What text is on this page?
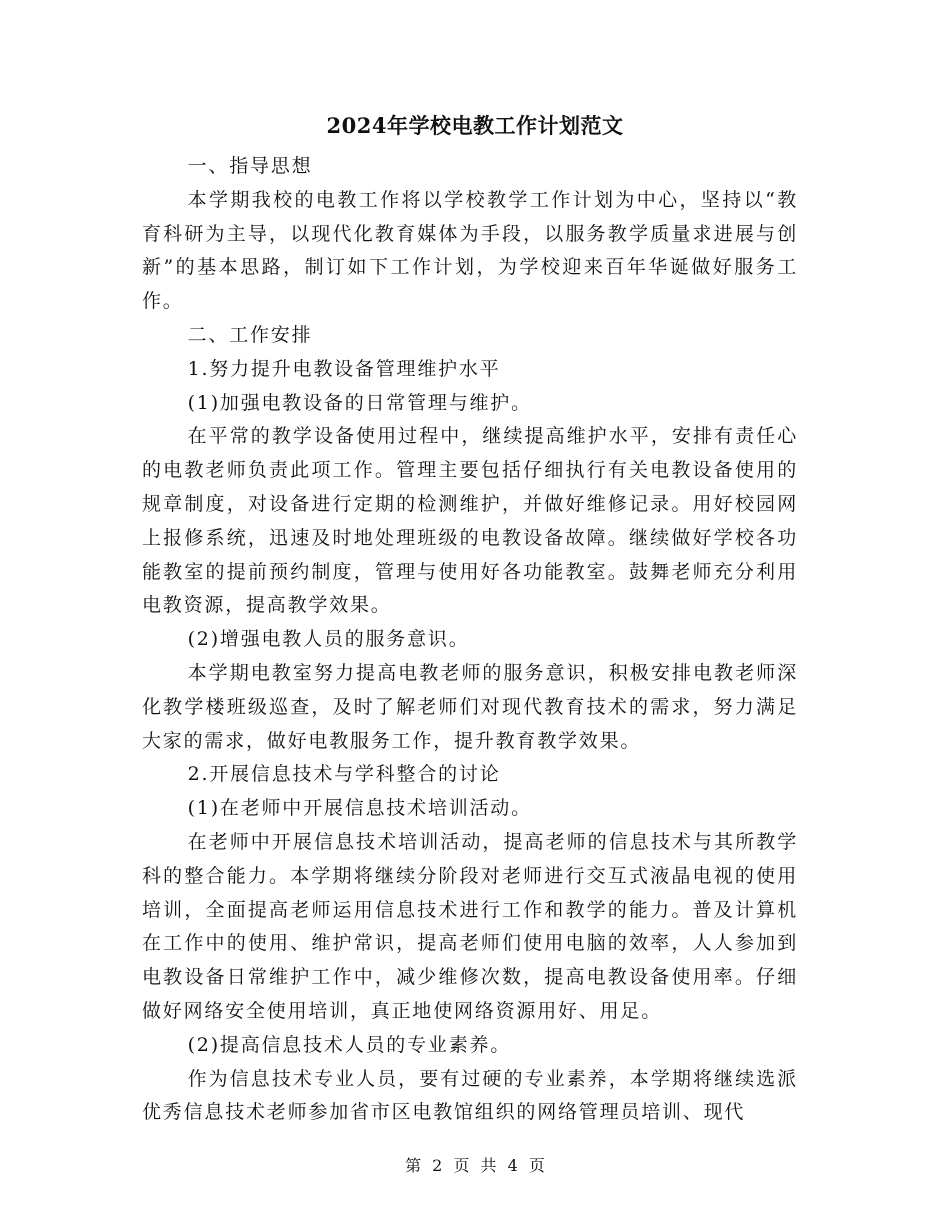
2024年学校电教工作计划范文

一、指导思想

本学期我校的电教工作将以学校教学工作计划为中心，坚持以“教育科研为主导，以现代化教育媒体为手段，以服务教学质量求进展与创新”的基本思路，制订如下工作计划，为学校迎来百年华诞做好服务工作。

二、工作安排

1.努力提升电教设备管理维护水平

(1)加强电教设备的日常管理与维护。

在平常的教学设备使用过程中，继续提高维护水平，安排有责任心的电教老师负责此项工作。管理主要包括仔细执行有关电教设备使用的规章制度，对设备进行定期的检测维护，并做好维修记录。用好校园网上报修系统，迅速及时地处理班级的电教设备故障。继续做好学校各功能教室的提前预约制度，管理与使用好各功能教室。鼓舞老师充分利用电教资源，提高教学效果。

(2)增强电教人员的服务意识。

本学期电教室努力提高电教老师的服务意识，积极安排电教老师深化教学楼班级巡查，及时了解老师们对现代教育技术的需求，努力满足大家的需求，做好电教服务工作，提升教育教学效果。

2.开展信息技术与学科整合的讨论

(1)在老师中开展信息技术培训活动。

在老师中开展信息技术培训活动，提高老师的信息技术与其所教学科的整合能力。本学期将继续分阶段对老师进行交互式液晶电视的使用培训，全面提高老师运用信息技术进行工作和教学的能力。普及计算机在工作中的使用、维护常识，提高老师们使用电脑的效率，人人参加到电教设备日常维护工作中，减少维修次数，提高电教设备使用率。仔细做好网络安全使用培训，真正地使网络资源用好、用足。

(2)提高信息技术人员的专业素养。

作为信息技术专业人员，要有过硬的专业素养，本学期将继续选派优秀信息技术老师参加省市区电教馆组织的网络管理员培训、现代

第 2 页 共 4 页
